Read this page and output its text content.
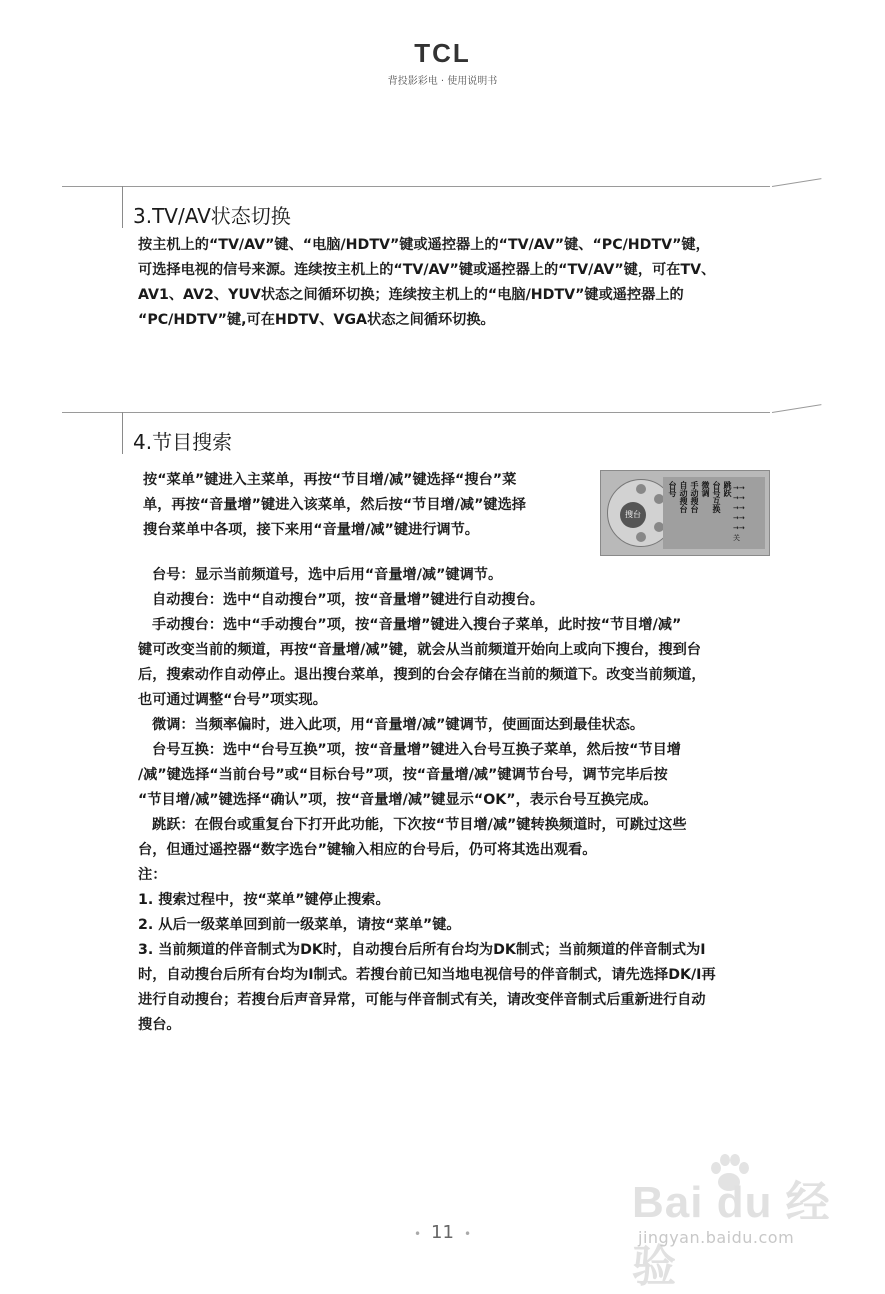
TCL
背投影彩电 · 使用说明书
3.TV/AV状态切换

按主机上的“TV/AV”键、“电脑/HDTV”键或遥控器上的“TV/AV”键、“PC/HDTV”键，

可选择电视的信号来源。连续按主机上的“TV/AV”键或遥控器上的“TV/AV”键，可在TV、

AV1、AV2、YUV状态之间循环切换；连续按主机上的“电脑/HDTV”键或遥控器上的

“PC/HDTV”键,可在HDTV、VGA状态之间循环切换。

4.节目搜索

按“菜单”键进入主菜单，再按“节目增/减”键选择“搜台”菜

单，再按“音量增”键进入该菜单，然后按“节目增/减”键选择

搜台菜单中各项，接下来用“音量增/减”键进行调节。

搜台
台号 自动搜台 手动搜台 微调 台号互换 跳跃 →→
→→
→→
→→
→→
关

台号：显示当前频道号，选中后用“音量增/减”键调节。

自动搜台：选中“自动搜台”项，按“音量增”键进行自动搜台。

手动搜台：选中“手动搜台”项，按“音量增”键进入搜台子菜单，此时按“节目增/减”

键可改变当前的频道，再按“音量增/减”键，就会从当前频道开始向上或向下搜台，搜到台

后，搜索动作自动停止。退出搜台菜单，搜到的台会存储在当前的频道下。改变当前频道，

也可通过调整“台号”项实现。

微调：当频率偏时，进入此项，用“音量增/减”键调节，使画面达到最佳状态。

台号互换：选中“台号互换”项，按“音量增”键进入台号互换子菜单，然后按“节目增

/减”键选择“当前台号”或“目标台号”项，按“音量增/减”键调节台号，调节完毕后按

“节目增/减”键选择“确认”项，按“音量增/减”键显示“OK”，表示台号互换完成。

跳跃：在假台或重复台下打开此功能，下次按“节目增/减”键转换频道时，可跳过这些

台，但通过遥控器“数字选台”键输入相应的台号后，仍可将其选出观看。

注：

1. 搜索过程中，按“菜单”键停止搜索。

2. 从后一级菜单回到前一级菜单，请按“菜单”键。

3. 当前频道的伴音制式为DK时，自动搜台后所有台均为DK制式；当前频道的伴音制式为I

时，自动搜台后所有台均为I制式。若搜台前已知当地电视信号的伴音制式，请先选择DK/I再

进行自动搜台；若搜台后声音异常，可能与伴音制式有关，请改变伴音制式后重新进行自动

搜台。

Bai du 经验
jingyan.baidu.com
• 11 •
